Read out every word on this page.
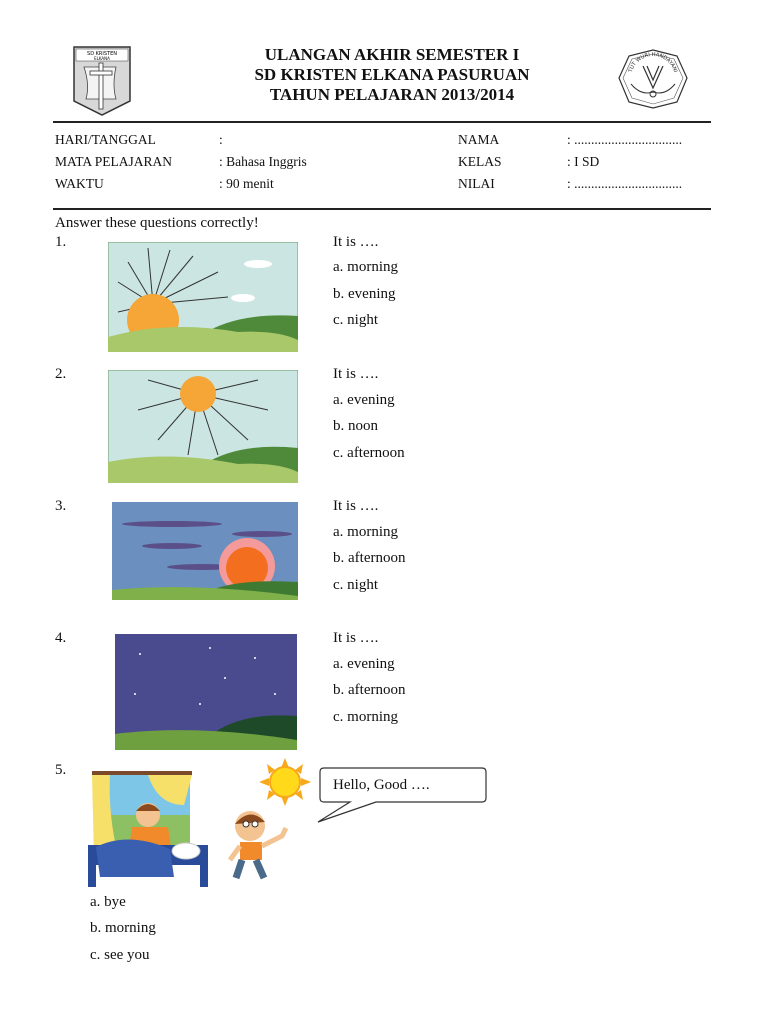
SD KRISTEN
ELKANA	ULANGAN AKHIR SEMESTER I
SD KRISTEN ELKANA PASURUAN
TAHUN PELAJARAN 2013/2014
TUT WURI HANDAYANI
HARI/TANGGAL	:
MATA PELAJARAN	: Bahasa Inggris
WAKTU	: 90 menit
NAMA	: ................................
KELAS	: I SD
NILAI	: ................................
Answer these questions correctly!
1.	It is ….
a. morning
b. evening
c. night
2.	It is ….
a. evening
b. noon
c. afternoon
3.	It is ….
a. morning
b. afternoon
c. night
4.	It is ….
a. evening
b. afternoon
c. morning
5.
Hello, Good ….
a. bye
b. morning
c. see you
